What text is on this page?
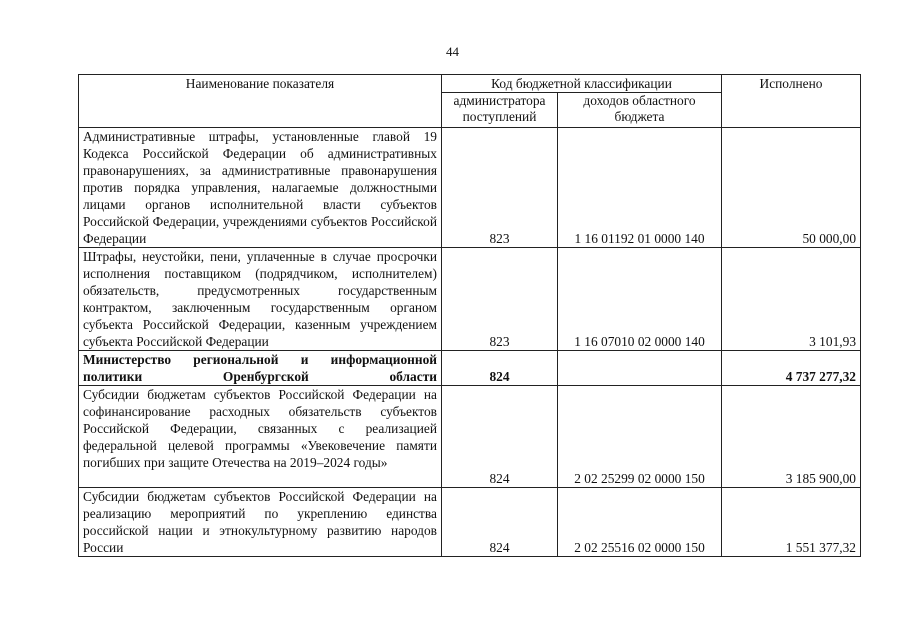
44
Наименование показателя	Код бюджетной классификации		Исполнено
	администратора поступлений	доходов областного бюджета	
Административные штрафы, установленные главой 19 Кодекса Российской Федерации об административных правонарушениях, за административные правонарушения против порядка управления, налагаемые должностными лицами органов исполнительной власти субъектов Российской Федерации, учреждениями субъектов Российской Федерации	823	1 16 01192 01 0000 140	50 000,00
Штрафы, неустойки, пени, уплаченные в случае просрочки исполнения поставщиком (подрядчиком, исполнителем) обязательств, предусмотренных государственным контрактом, заключенным государственным органом субъекта Российской Федерации, казенным учреждением субъекта Российской Федерации	823	1 16 07010 02 0000 140	3 101,93
Министерство региональной и информационной политики Оренбургской области	824		4 737 277,32
Субсидии бюджетам субъектов Российской Федерации на софинансирование расходных обязательств субъектов Российской Федерации, связанных с реализацией федеральной целевой программы «Увековечение памяти погибших при защите Отечества на 2019–2024 годы»	824	2 02 25299 02 0000 150	3 185 900,00
Субсидии бюджетам субъектов Российской Федерации на реализацию мероприятий по укреплению единства российской нации и этнокультурному развитию народов России	824	2 02 25516 02 0000 150	1 551 377,32
